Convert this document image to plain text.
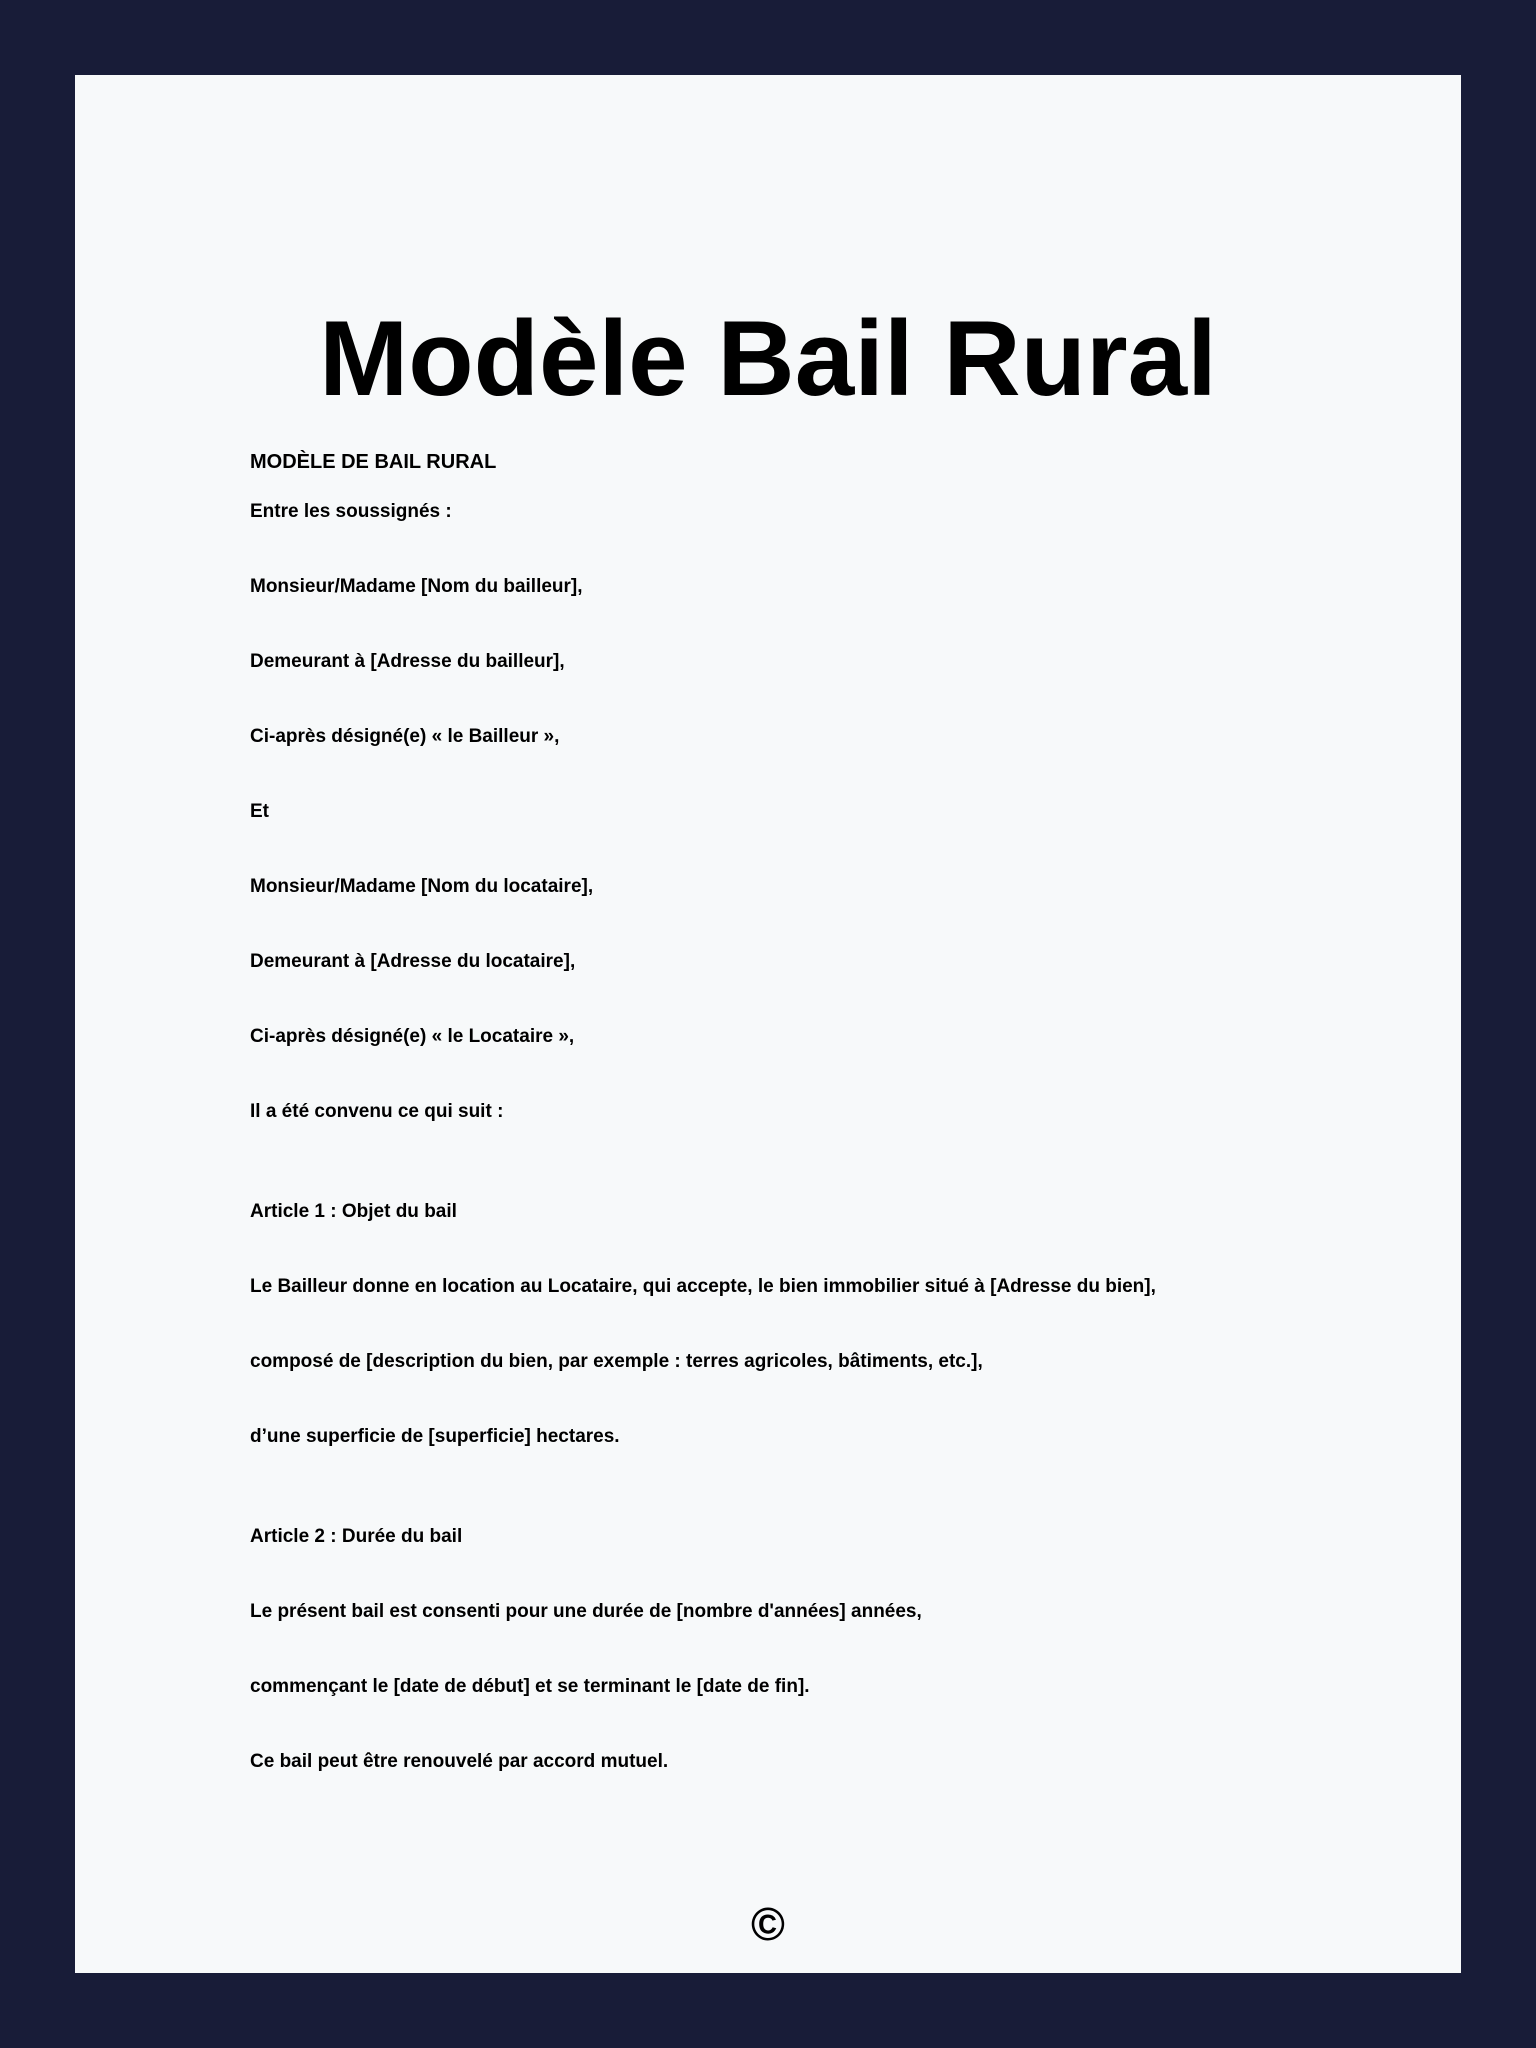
Modèle Bail Rural
MODÈLE DE BAIL RURAL
Entre les soussignés :
Monsieur/Madame [Nom du bailleur],
Demeurant à [Adresse du bailleur],
Ci-après désigné(e) « le Bailleur »,
Et
Monsieur/Madame [Nom du locataire],
Demeurant à [Adresse du locataire],
Ci-après désigné(e) « le Locataire »,
Il a été convenu ce qui suit :
Article 1 : Objet du bail
Le Bailleur donne en location au Locataire, qui accepte, le bien immobilier situé à [Adresse du bien],
composé de [description du bien, par exemple : terres agricoles, bâtiments, etc.],
d’une superficie de [superficie] hectares.
Article 2 : Durée du bail
Le présent bail est consenti pour une durée de [nombre d'années] années,
commençant le [date de début] et se terminant le [date de fin].
Ce bail peut être renouvelé par accord mutuel.
©
